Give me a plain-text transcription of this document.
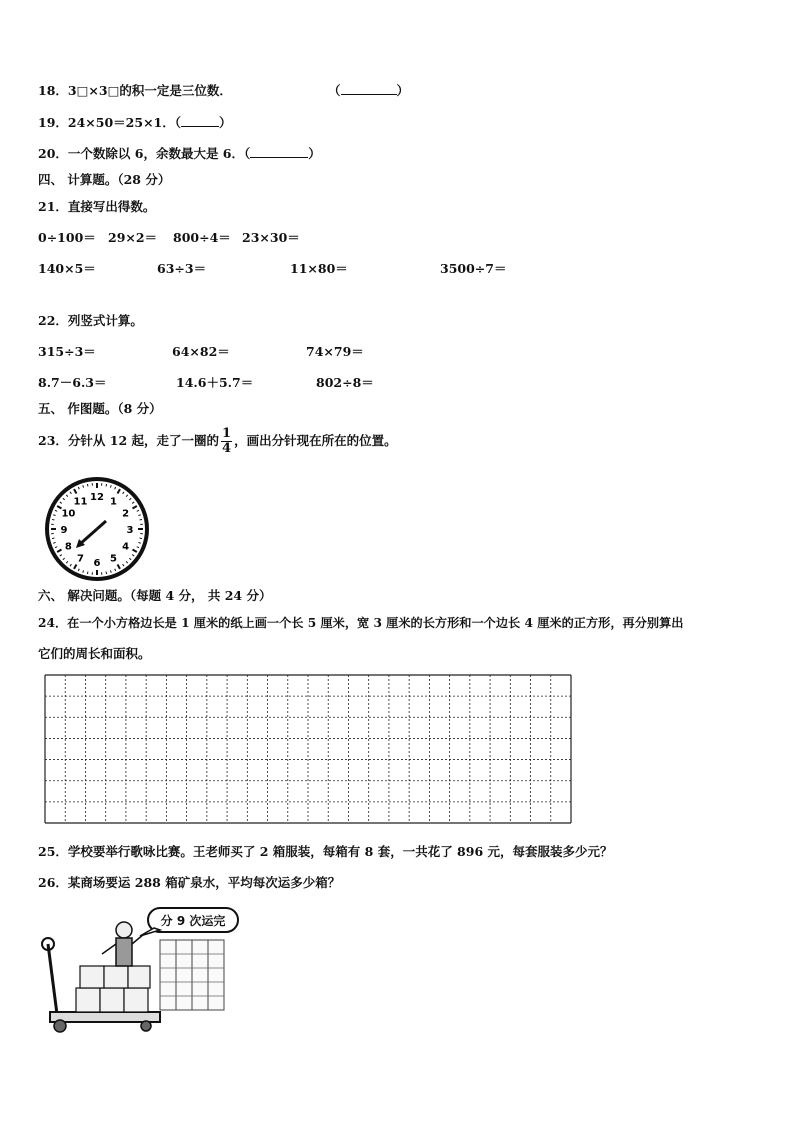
18．3□×3□的积一定是三位数．	（	）
19．24×50＝25×1．（	）
20．一个数除以 6，余数最大是 6．（	）
四、 计算题。（28 分）
21．直接写出得数。
0÷100＝ 29×2＝ 800÷4＝ 23×30＝
140×5＝	63÷3＝	11×80＝	3500÷7＝
22．列竖式计算。
315÷3＝	64×82＝	74×79＝
8.7－6.3＝	14.6＋5.7＝	802÷8＝
五、 作图题。（8 分）
23．分针从 12 起，走了一圈的 $\frac{1}{4}$ ，画出分针现在所在的位置。
12 1
2
3
4
5
6
7
8
9
10
11
六、 解决问题。（每题 4 分， 共 24 分）
24．在一个小方格边长是 1 厘米的纸上画一个长 5 厘米，宽 3 厘米的长方形和一个边长 4 厘米的正方形，再分别算出
它们的周长和面积。
25．学校要举行歌咏比赛。王老师买了 2 箱服装，每箱有 8 套，一共花了 896 元，每套服装多少元？
26．某商场要运 288 箱矿泉水，平均每次运多少箱？
分 9 次运完
